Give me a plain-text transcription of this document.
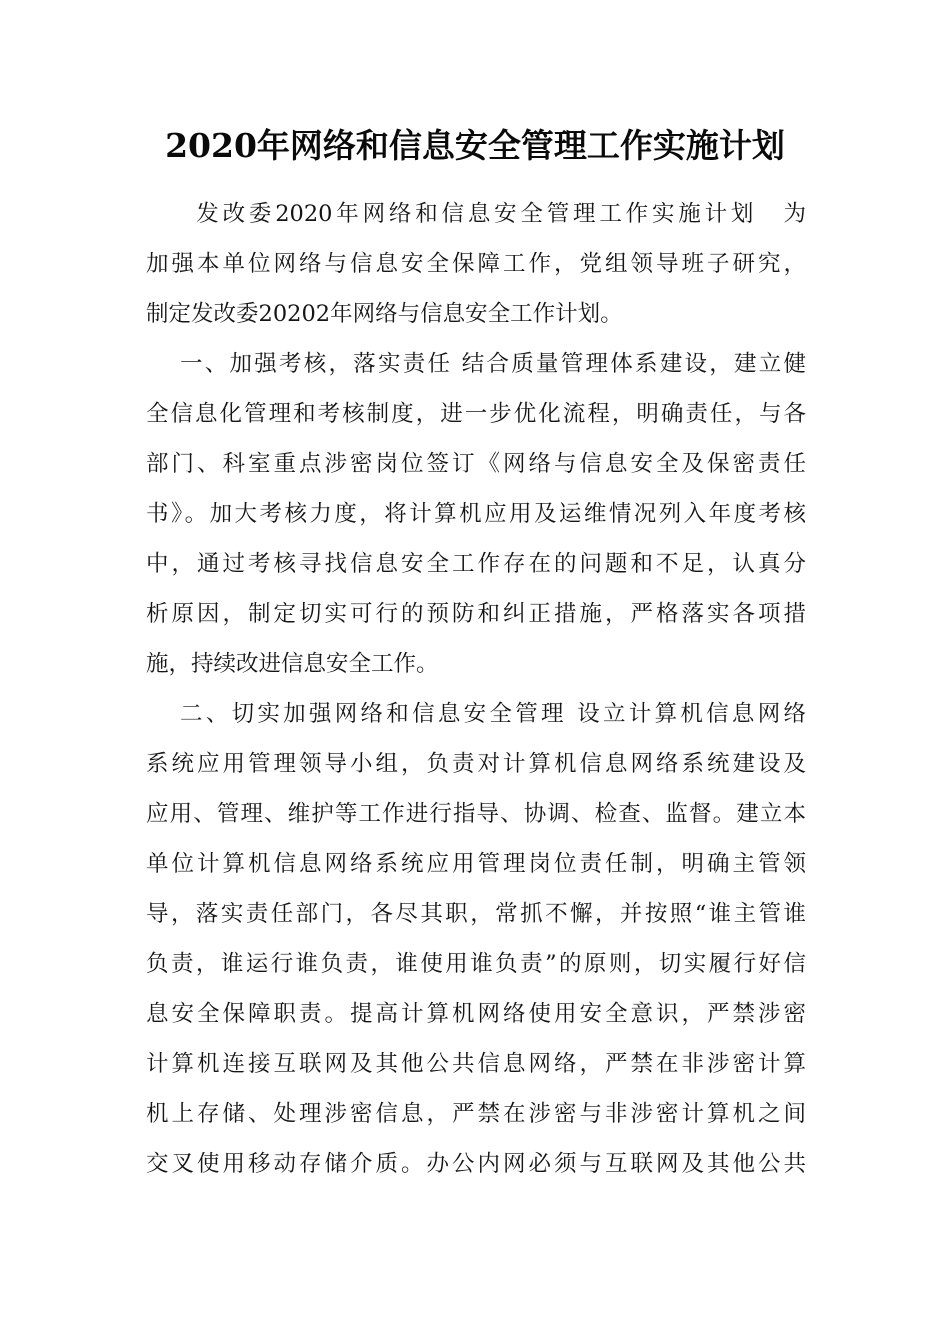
2020年网络和信息安全管理工作实施计划

　发改委2020年网络和信息安全管理工作实施计划　为

加强本单位网络与信息安全保障工作，党组领导班子研究，

制定发改委20202年网络与信息安全工作计划。

一、加强考核，落实责任 结合质量管理体系建设，建立健

全信息化管理和考核制度，进一步优化流程，明确责任，与各

部门、科室重点涉密岗位签订《网络与信息安全及保密责任

书》。加大考核力度，将计算机应用及运维情况列入年度考核

中，通过考核寻找信息安全工作存在的问题和不足，认真分

析原因，制定切实可行的预防和纠正措施，严格落实各项措

施，持续改进信息安全工作。

二、切实加强网络和信息安全管理 设立计算机信息网络

系统应用管理领导小组，负责对计算机信息网络系统建设及

应用、管理、维护等工作进行指导、协调、检查、监督。建立本

单位计算机信息网络系统应用管理岗位责任制，明确主管领

导，落实责任部门，各尽其职，常抓不懈，并按照“谁主管谁

负责，谁运行谁负责，谁使用谁负责”的原则，切实履行好信

息安全保障职责。提高计算机网络使用安全意识，严禁涉密

计算机连接互联网及其他公共信息网络，严禁在非涉密计算

机上存储、处理涉密信息，严禁在涉密与非涉密计算机之间

交叉使用移动存储介质。办公内网必须与互联网及其他公共
